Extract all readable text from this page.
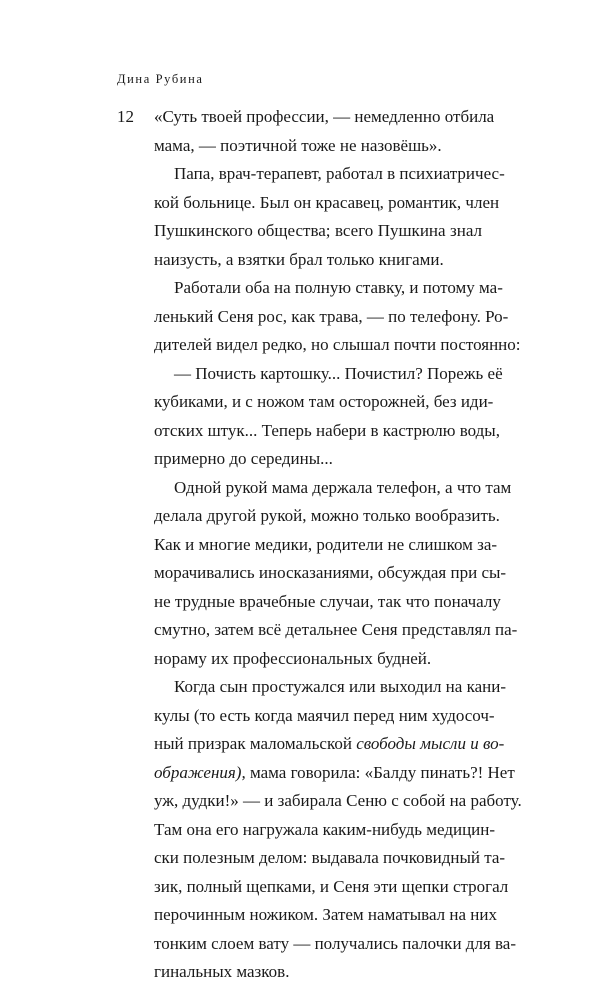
Дина Рубина
12 «Суть твоей профессии, — немедленно отбила
мама, — поэтичной тоже не назовёшь».
Папа, врач-терапевт, работал в психиатричес-
кой больнице. Был он красавец, романтик, член
Пушкинского общества; всего Пушкина знал
наизусть, а взятки брал только книгами.
Работали оба на полную ставку, и потому ма-
ленький Сеня рос, как трава, — по телефону. Ро-
дителей видел редко, но слышал почти постоянно:
— Почисть картошку... Почистил? Порежь её
кубиками, и с ножом там осторожней, без иди-
отских штук... Теперь набери в кастрюлю воды,
примерно до середины...
Одной рукой мама держала телефон, а что там
делала другой рукой, можно только вообразить.
Как и многие медики, родители не слишком за-
морачивались иносказаниями, обсуждая при сы-
не трудные врачебные случаи, так что поначалу
смутно, затем всё детальнее Сеня представлял па-
нораму их профессиональных будней.
Когда сын простужался или выходил на кани-
кулы (то есть когда маячил перед ним худосоч-
ный призрак маломальской свободы мысли и во-
ображения), мама говорила: «Балду пинать?! Нет
уж, дудки!» — и забирала Сеню с собой на работу.
Там она его нагружала каким-нибудь медицин-
ски полезным делом: выдавала почковидный та-
зик, полный щепками, и Сеня эти щепки строгал
перочинным ножиком. Затем наматывал на них
тонким слоем вату — получались палочки для ва-
гинальных мазков.
